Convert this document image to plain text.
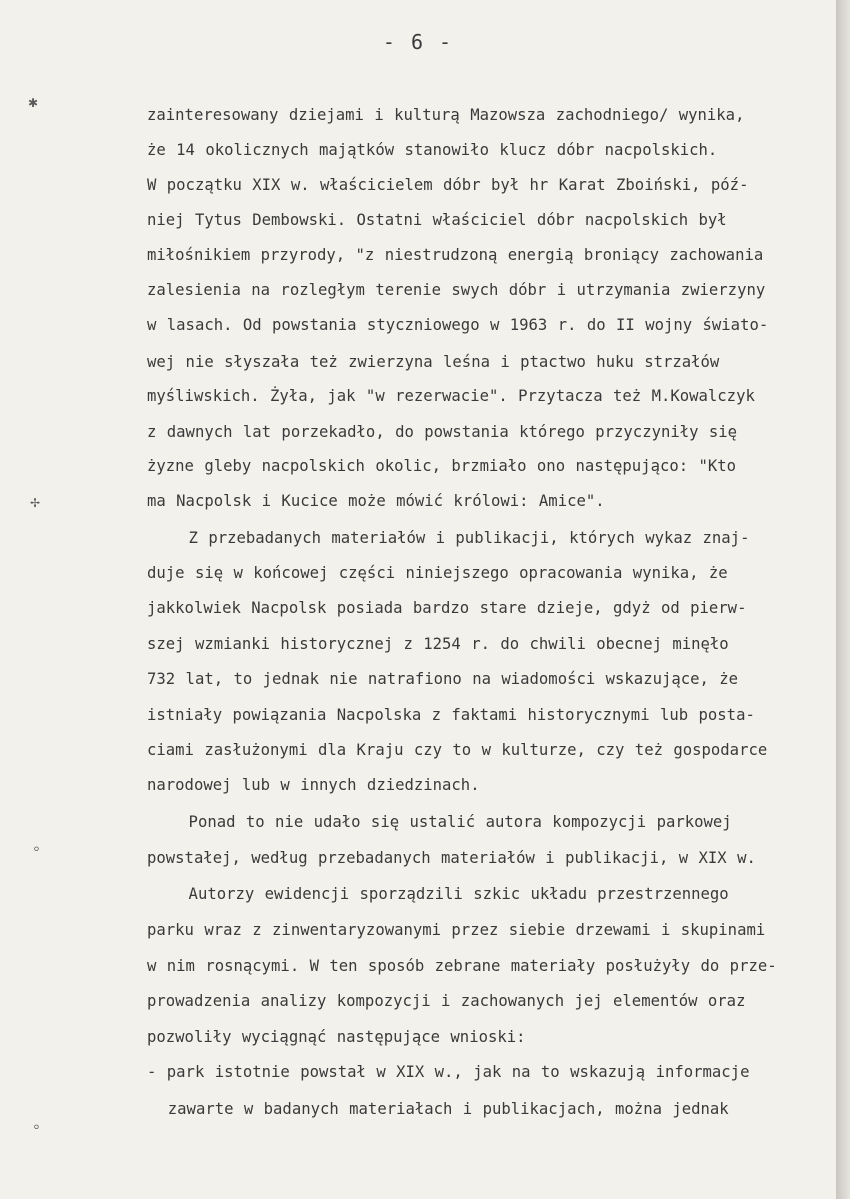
- 6 -
✱
✢
⸰
⸰
zainteresowany dziejami i kulturą Mazowsza zachodniego/ wynika,
że 14 okolicznych majątków stanowiło klucz dóbr nacpolskich.
W początku XIX w. właścicielem dóbr był hr Karat Zboiński, póź-
niej Tytus Dembowski. Ostatni właściciel dóbr nacpolskich był
miłośnikiem przyrody, "z niestrudzoną energią broniący zachowania
zalesienia na rozległym terenie swych dóbr i utrzymania zwierzyny
w lasach. Od powstania styczniowego w 1963 r. do II wojny świato-
wej nie słyszała też zwierzyna leśna i ptactwo huku strzałów
myśliwskich. Żyła, jak "w rezerwacie". Przytacza też M.Kowalczyk
z dawnych lat porzekadło, do powstania którego przyczyniły się
żyzne gleby nacpolskich okolic, brzmiało ono następująco: "Kto
ma Nacpolsk i Kucice może mówić królowi: Amice".
Z przebadanych materiałów i publikacji, których wykaz znaj-
duje się w końcowej części niniejszego opracowania wynika, że
jakkolwiek Nacpolsk posiada bardzo stare dzieje, gdyż od pierw-
szej wzmianki historycznej z 1254 r. do chwili obecnej minęło
732 lat, to jednak nie natrafiono na wiadomości wskazujące, że
istniały powiązania Nacpolska z faktami historycznymi lub posta-
ciami zasłużonymi dla Kraju czy to w kulturze, czy też gospodarce
narodowej lub w innych dziedzinach.
Ponad to nie udało się ustalić autora kompozycji parkowej
powstałej, według przebadanych materiałów i publikacji, w XIX w.
Autorzy ewidencji sporządzili szkic układu przestrzennego
parku wraz z zinwentaryzowanymi przez siebie drzewami i skupinami
w nim rosnącymi. W ten sposób zebrane materiały posłużyły do prze-
prowadzenia analizy kompozycji i zachowanych jej elementów oraz
pozwoliły wyciągnąć następujące wnioski:
- park istotnie powstał w XIX w., jak na to wskazują informacje
zawarte w badanych materiałach i publikacjach, można jednak
